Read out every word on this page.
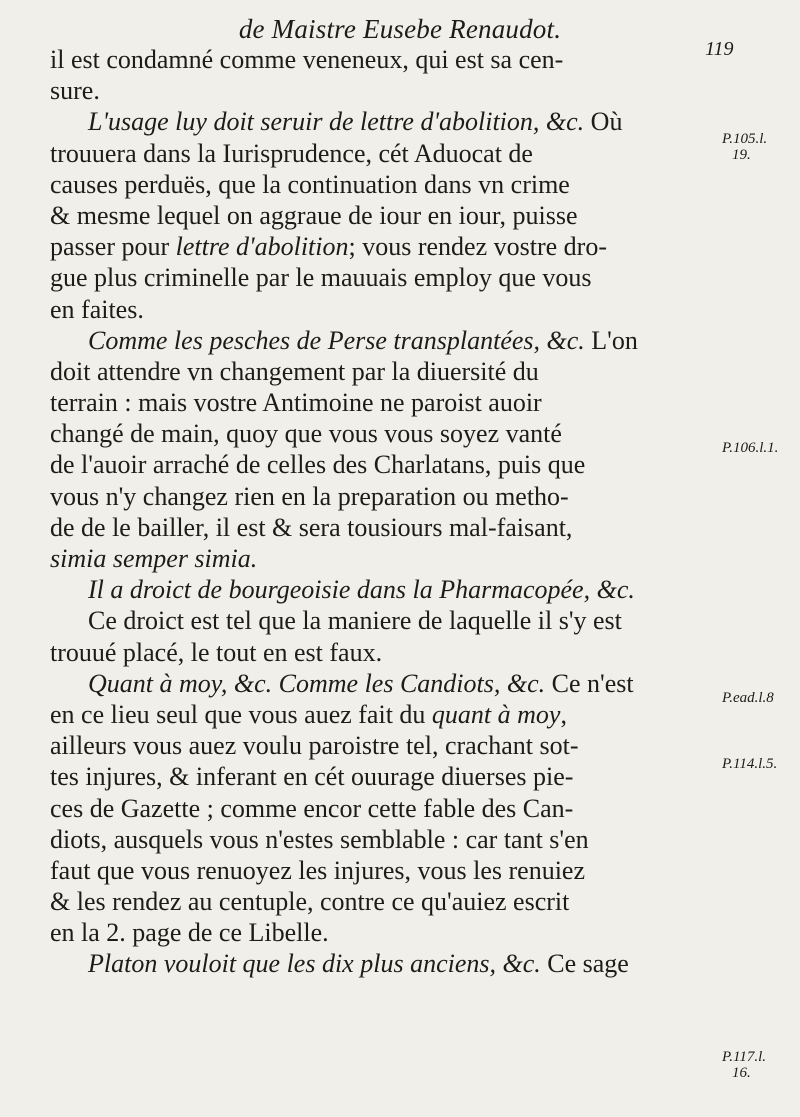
de Maistre Eusebe Renaudot.
119
il est condamné comme veneneux, qui est sa cen-
sure.
L'usage luy doit seruir de lettre d'abolition, &c. Où
trouuera dans la Iurisprudence, cét Aduocat de
causes perduës, que la continuation dans vn crime
& mesme lequel on aggraue de iour en iour, puisse
passer pour lettre d'abolition; vous rendez vostre dro-
gue plus criminelle par le mauuais employ que vous
en faites.
Comme les pesches de Perse transplantées, &c. L'on
doit attendre vn changement par la diuersité du
terrain : mais vostre Antimoine ne paroist auoir
changé de main, quoy que vous vous soyez vanté
de l'auoir arraché de celles des Charlatans, puis que
vous n'y changez rien en la preparation ou metho-
de de le bailler, il est & sera tousiours mal-faisant,
simia semper simia.
Il a droict de bourgeoisie dans la Pharmacopée, &c.
Ce droict est tel que la maniere de laquelle il s'y est
trouué placé, le tout en est faux.
Quant à moy, &c. Comme les Candiots, &c. Ce n'est
en ce lieu seul que vous auez fait du quant à moy,
ailleurs vous auez voulu paroistre tel, crachant sot-
tes injures, & inferant en cét ouurage diuerses pie-
ces de Gazette ; comme encor cette fable des Can-
diots, ausquels vous n'estes semblable : car tant s'en
faut que vous renuoyez les injures, vous les renuiez
& les rendez au centuple, contre ce qu'auiez escrit
en la 2. page de ce Libelle.
Platon vouloit que les dix plus anciens, &c. Ce sage
P.105.l.
19.
P.106.l.1.
P.ead.l.8
P.114.l.5.
P.117.l.
16.
